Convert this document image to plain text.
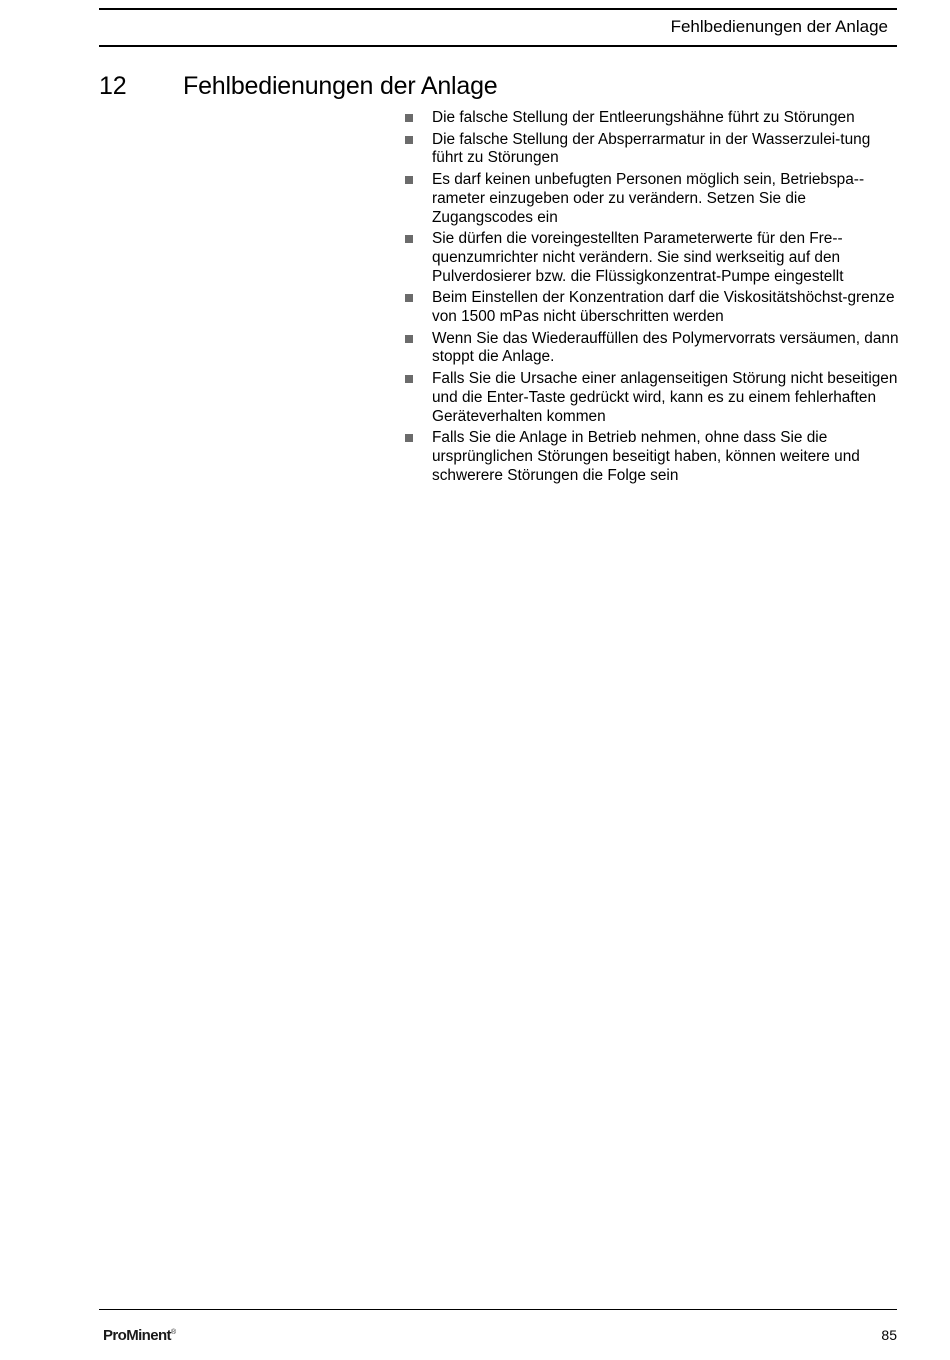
Fehlbedienungen der Anlage
12 Fehlbedienungen der Anlage
Die falsche Stellung der Entleerungshähne führt zu Störungen
Die falsche Stellung der Absperrarmatur in der Wasserzulei-tung führt zu Störungen
Es darf keinen unbefugten Personen möglich sein, Betriebspa-rameter einzugeben oder zu verändern. Setzen Sie die Zugangscodes ein
Sie dürfen die voreingestellten Parameterwerte für den Fre-quenzumrichter nicht verändern. Sie sind werkseitig auf den Pulverdosierer bzw. die Flüssigkonzentrat-Pumpe eingestellt
Beim Einstellen der Konzentration darf die Viskositätshöchst-grenze von 1500 mPas nicht überschritten werden
Wenn Sie das Wiederauffüllen des Polymervorrats versäumen, dann stoppt die Anlage.
Falls Sie die Ursache einer anlagenseitigen Störung nicht beseitigen und die Enter-Taste gedrückt wird, kann es zu einem fehlerhaften Geräteverhalten kommen
Falls Sie die Anlage in Betrieb nehmen, ohne dass Sie die ursprünglichen Störungen beseitigt haben, können weitere und schwerere Störungen die Folge sein
ProMinent®	85
